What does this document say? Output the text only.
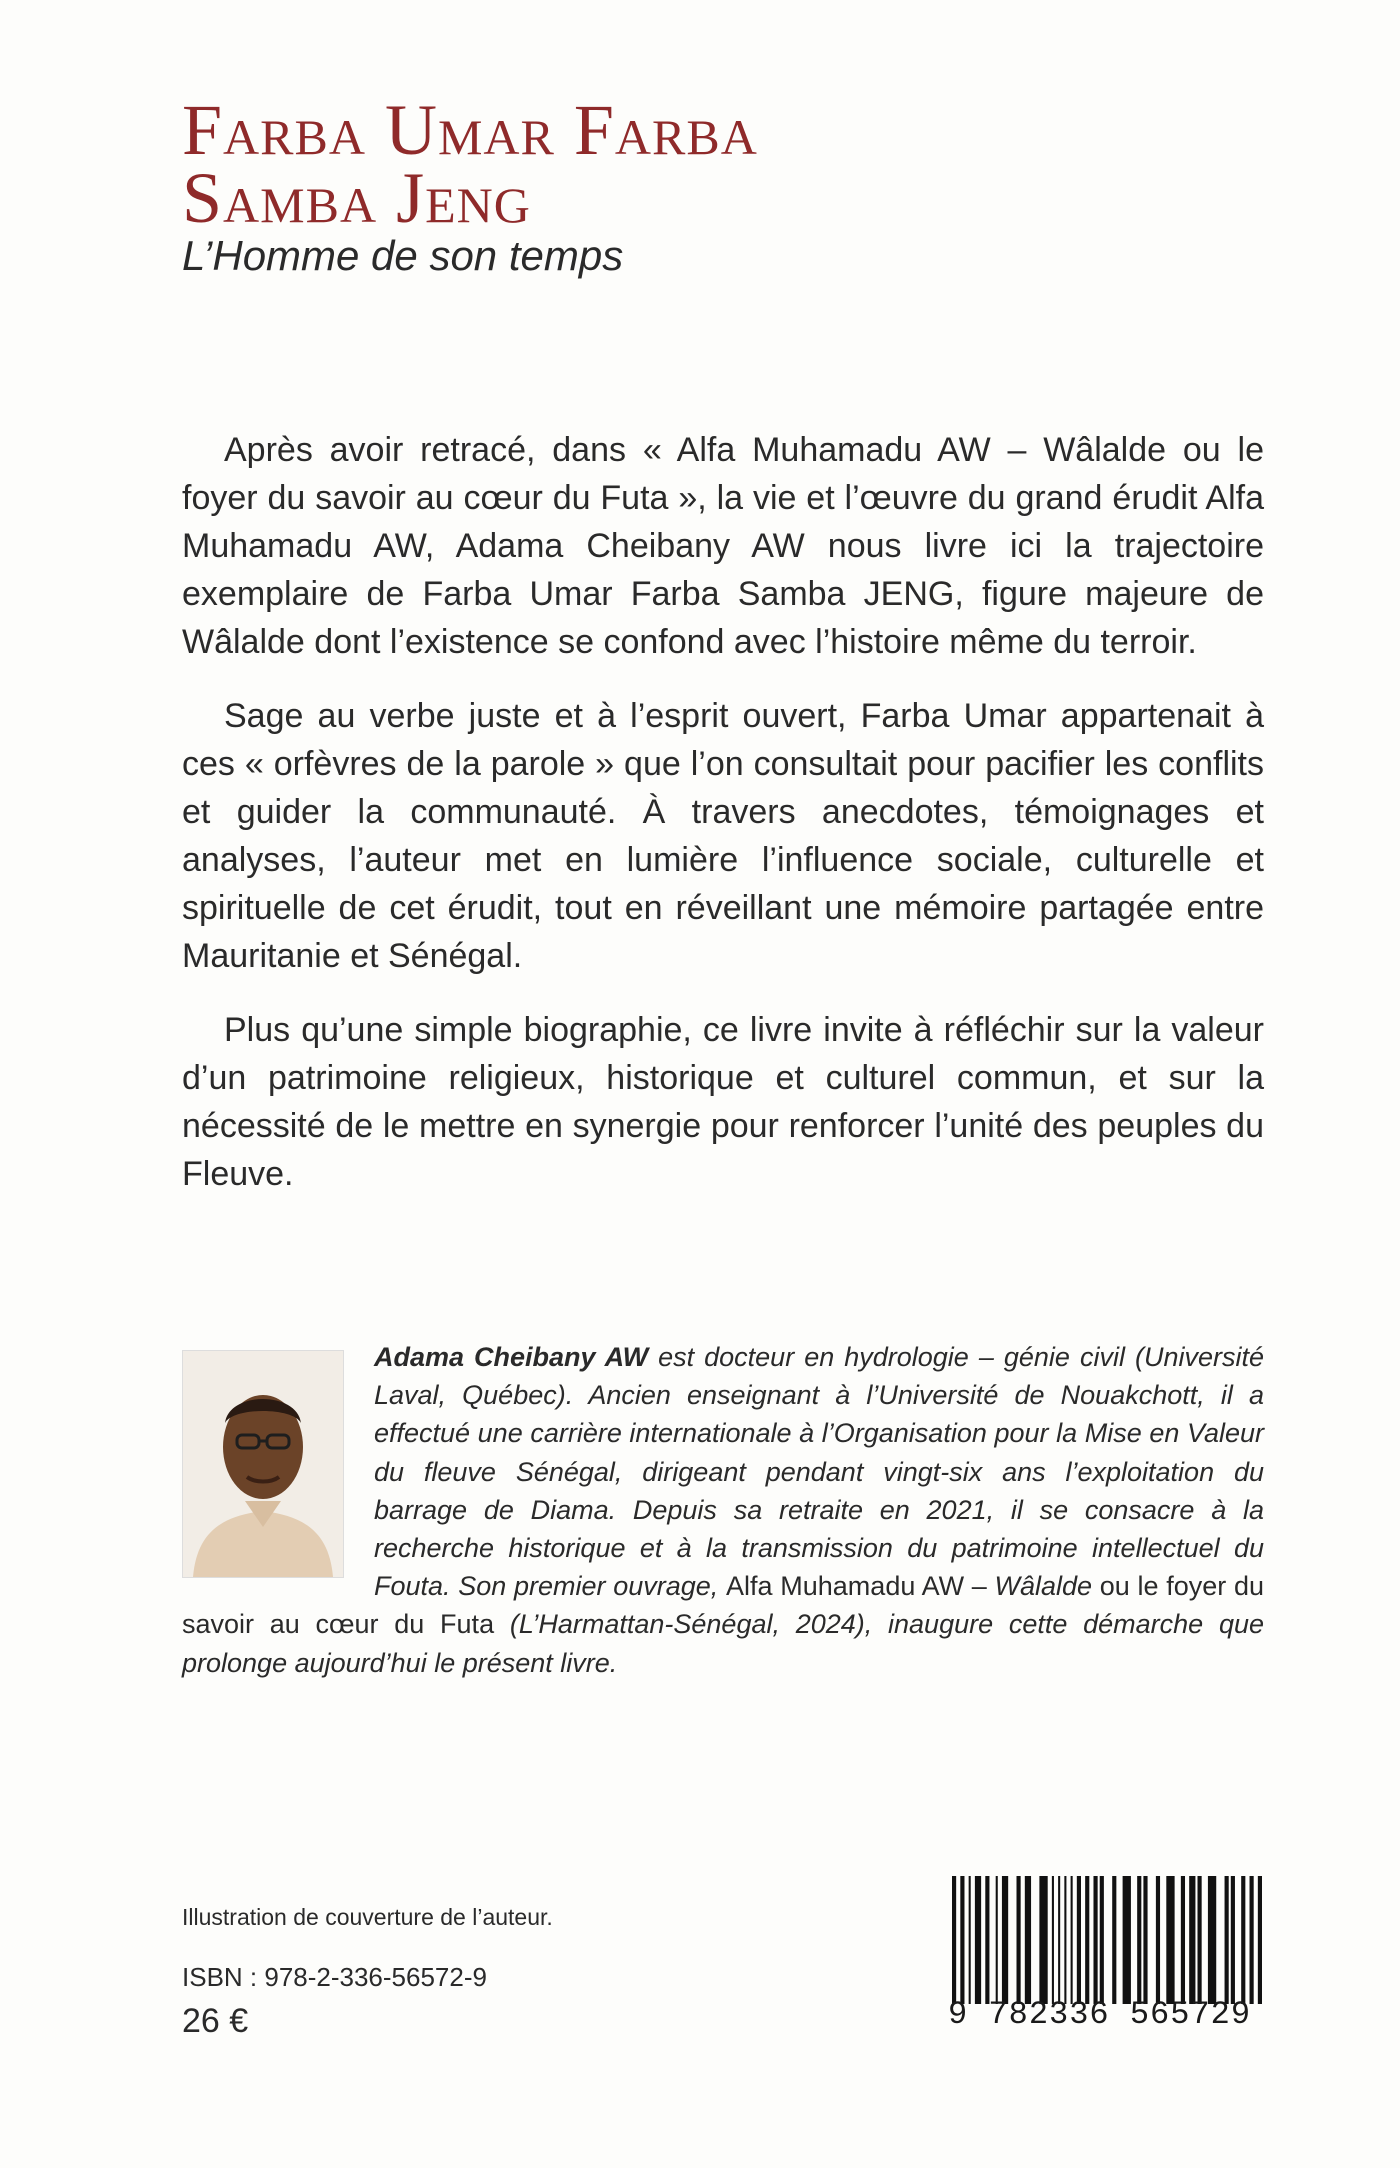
Farba Umar Farba
Samba Jeng
L’Homme de son temps

Après avoir retracé, dans « Alfa Muhamadu AW – Wâlalde ou le foyer du savoir au cœur du Futa », la vie et l’œuvre du grand érudit Alfa Muhamadu AW, Adama Cheibany AW nous livre ici la trajectoire exemplaire de Farba Umar Farba Samba JENG, figure majeure de Wâlalde dont l’existence se confond avec l’histoire même du terroir.

Sage au verbe juste et à l’esprit ouvert, Farba Umar appartenait à ces « orfèvres de la parole » que l’on consultait pour pacifier les conflits et guider la communauté. À travers anecdotes, témoignages et analyses, l’auteur met en lumière l’influence sociale, culturelle et spirituelle de cet érudit, tout en réveillant une mémoire partagée entre Mauritanie et Sénégal.

Plus qu’une simple biographie, ce livre invite à réfléchir sur la valeur d’un patrimoine religieux, historique et culturel commun, et sur la nécessité de le mettre en synergie pour renforcer l’unité des peuples du Fleuve.

Adama Cheibany AW est docteur en hydrologie – génie civil (Université Laval, Québec). Ancien enseignant à l’Université de Nouakchott, il a effectué une carrière internationale à l’Organisation pour la Mise en Valeur du fleuve Sénégal, dirigeant pendant vingt-six ans l’exploitation du barrage de Diama. Depuis sa retraite en 2021, il se consacre à la recherche historique et à la transmission du patrimoine intellectuel du Fouta. Son premier ouvrage, Alfa Muhamadu AW – Wâlalde ou le foyer du savoir au cœur du Futa (L’Harmattan-Sénégal, 2024), inaugure cette démarche que prolonge aujourd’hui le présent livre.
Illustration de couverture de l’auteur.
ISBN : 978-2-336-56572-9
26 €	9 782336 565729
